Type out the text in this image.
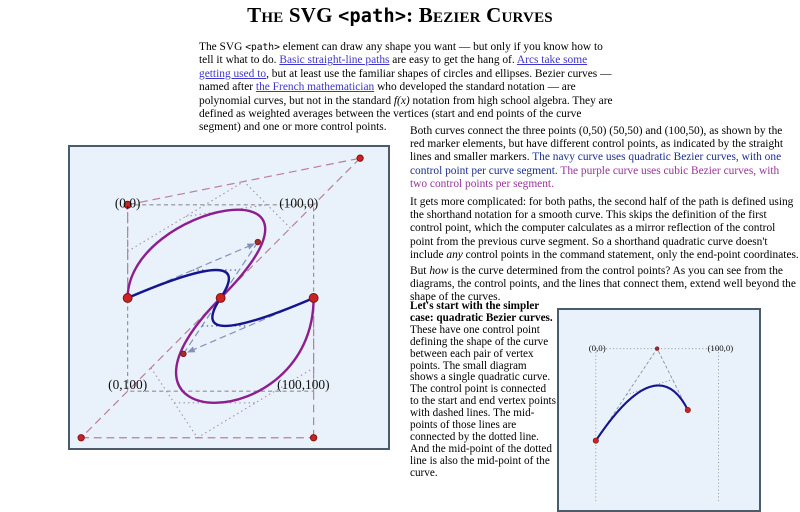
The SVG <path>: Bezier Curves

The SVG <path> element can draw any shape you want — but only if you know how to tell it what to do. Basic straight-line paths are easy to get the hang of. Arcs take some getting used to, but at least use the familiar shapes of circles and ellipses. Bezier curves — named after the French mathematician who developed the standard notation — are polynomial curves, but not in the standard f(x) notation from high school algebra. They are defined as weighted averages between the vertices (start and end points of the curve segment) and one or more control points.

(0,0)	(100,0)
(0,100)	(100,100)

Both curves connect the three points (0,50) (50,50) and (100,50), as shown by the red marker elements, but have different control points, as indicated by the straight lines and smaller markers. The navy curve uses quadratic Bezier curves, with one control point per curve segment. The purple curve uses cubic Bezier curves, with two control points per segment.

It gets more complicated: for both paths, the second half of the path is defined using the shorthand notation for a smooth curve. This skips the definition of the first control point, which the computer calculates as a mirror reflection of the control point from the previous curve segment. So a shorthand quadratic curve doesn't include any control points in the command statement, only the end-point coordinates.

But how is the curve determined from the control points? As you can see from the diagrams, the control points, and the lines that connect them, extend well beyond the shape of the curves.

Let's start with the simpler case: quadratic Bezier curves. These have one control point defining the shape of the curve between each pair of vertex points. The small diagram shows a single quadratic curve. The control point is connected to the start and end vertex points with dashed lines. The mid-points of those lines are connected by the dotted line. And the mid-point of the dotted line is also the mid-point of the curve.

(0,0)	(100,0)
